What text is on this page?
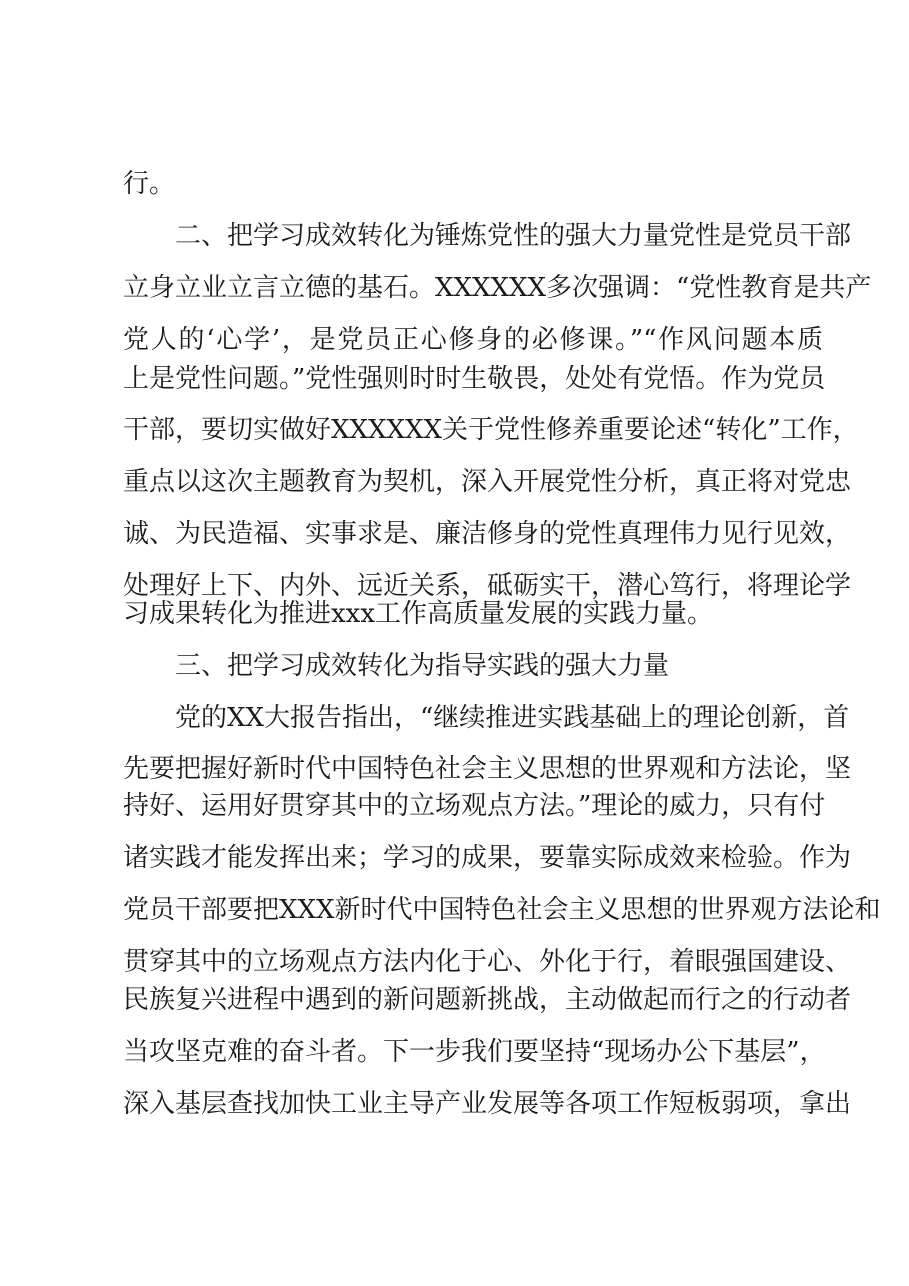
行。
二、把学习成效转化为锤炼党性的强大力量党性是党员干部
立身立业立言立德的基石。XXXXXX多次强调：“党性教育是共产
党人的‘心学’，是党员正心修身的必修课。”“作风问题本质
上是党性问题。”党性强则时时生敬畏，处处有党悟。作为党员
干部，要切实做好XXXXXX关于党性修养重要论述“转化”工作，
重点以这次主题教育为契机，深入开展党性分析，真正将对党忠
诚、为民造福、实事求是、廉洁修身的党性真理伟力见行见效，
处理好上下、内外、远近关系，砥砺实干，潜心笃行，将理论学
习成果转化为推进xxx工作高质量发展的实践力量。
三、把学习成效转化为指导实践的强大力量
党的XX大报告指出，“继续推进实践基础上的理论创新，首
先要把握好新时代中国特色社会主义思想的世界观和方法论，坚
持好、运用好贯穿其中的立场观点方法。”理论的威力，只有付
诸实践才能发挥出来；学习的成果，要靠实际成效来检验。作为
党员干部要把XXX新时代中国特色社会主义思想的世界观方法论和
贯穿其中的立场观点方法内化于心、外化于行，着眼强国建设、
民族复兴进程中遇到的新问题新挑战，主动做起而行之的行动者
当攻坚克难的奋斗者。下一步我们要坚持“现场办公下基层”，
深入基层查找加快工业主导产业发展等各项工作短板弱项，拿出
